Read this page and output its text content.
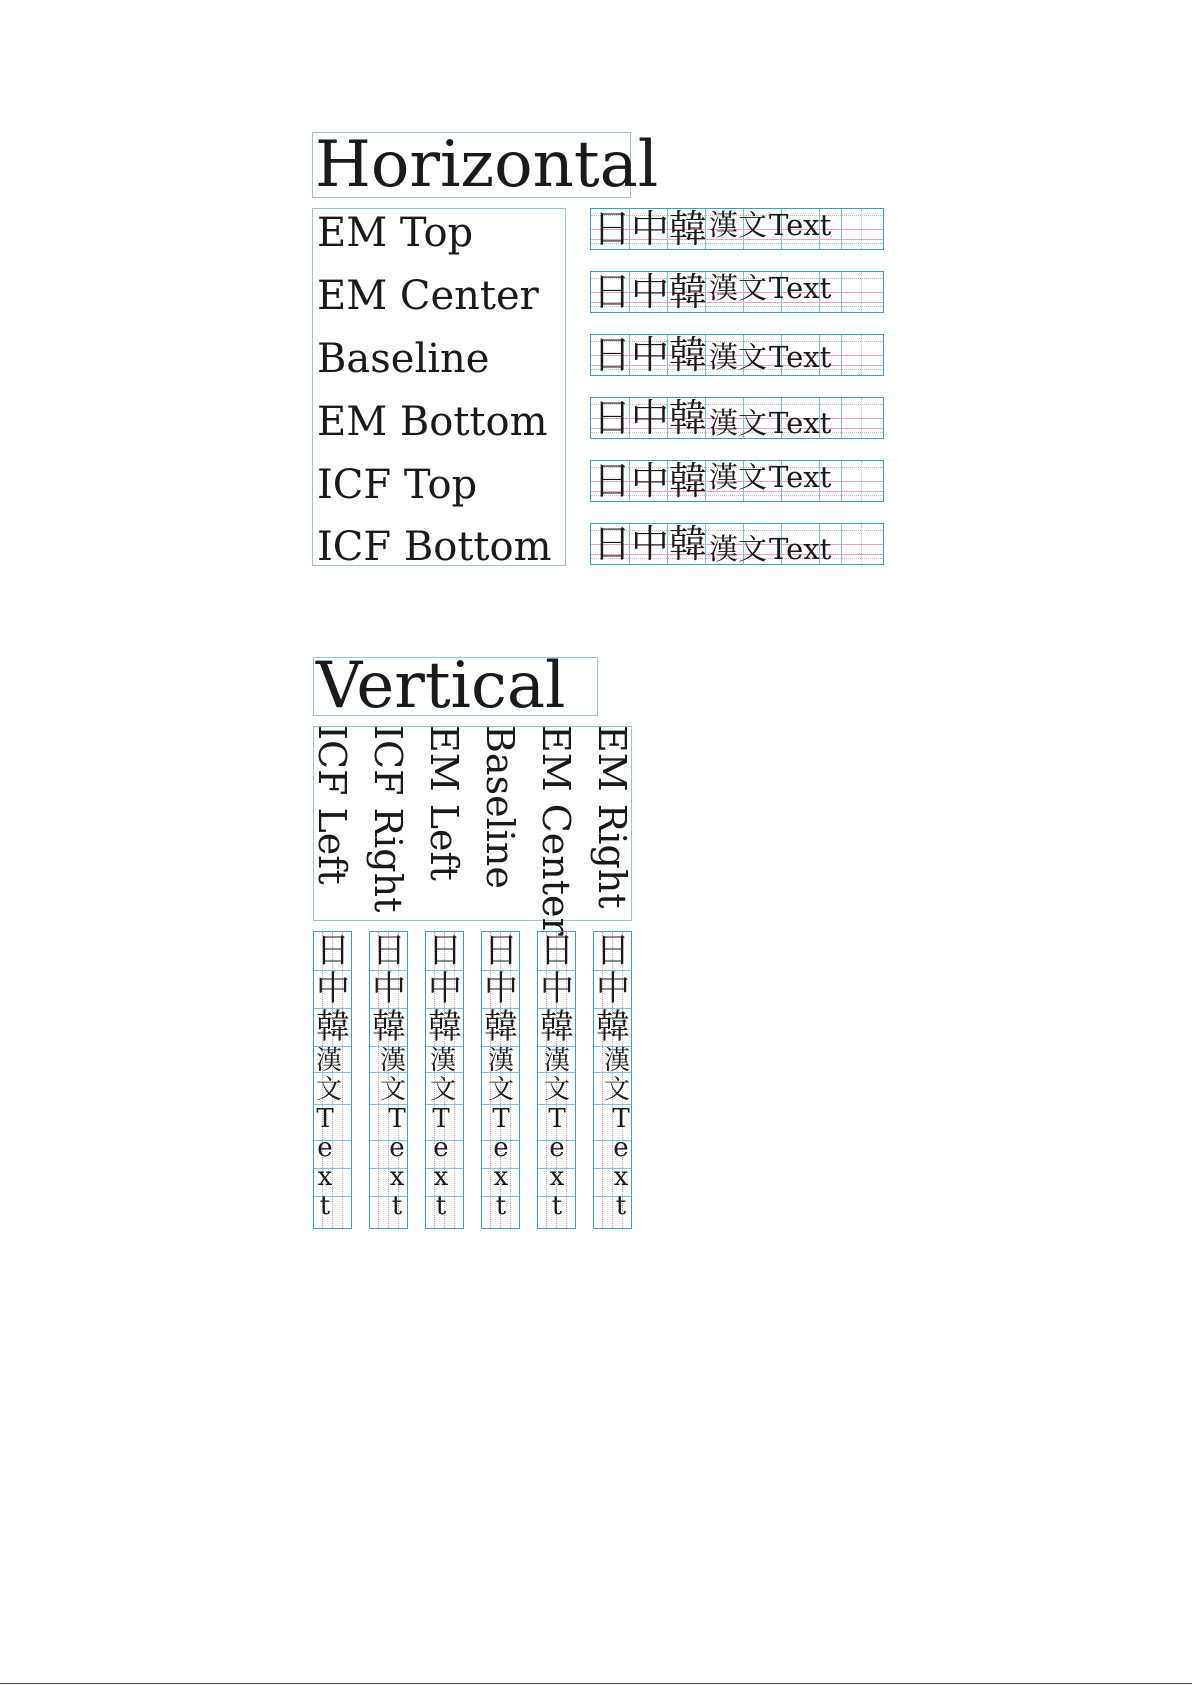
Horizontal
EM Top
EM Center
Baseline
EM Bottom
ICF Top
ICF Bottom
日中韓 漢文 Text
日中韓 漢文 Text
日中韓 漢文 Text
日中韓 漢文 Text
日中韓 漢文 Text
日中韓 漢文 Text
Vertical
ICF Left ICF Right EM Left Baseline EM Center EM Right
日
中
韓
漢
文
T
e
x
t
日
中
韓
漢
文
T
e
x
t
日
中
韓
漢
文
T
e
x
t
日
中
韓
漢
文
T
e
x
t
日
中
韓
漢
文
T
e
x
t
日
中
韓
漢
文
T
e
x
t
